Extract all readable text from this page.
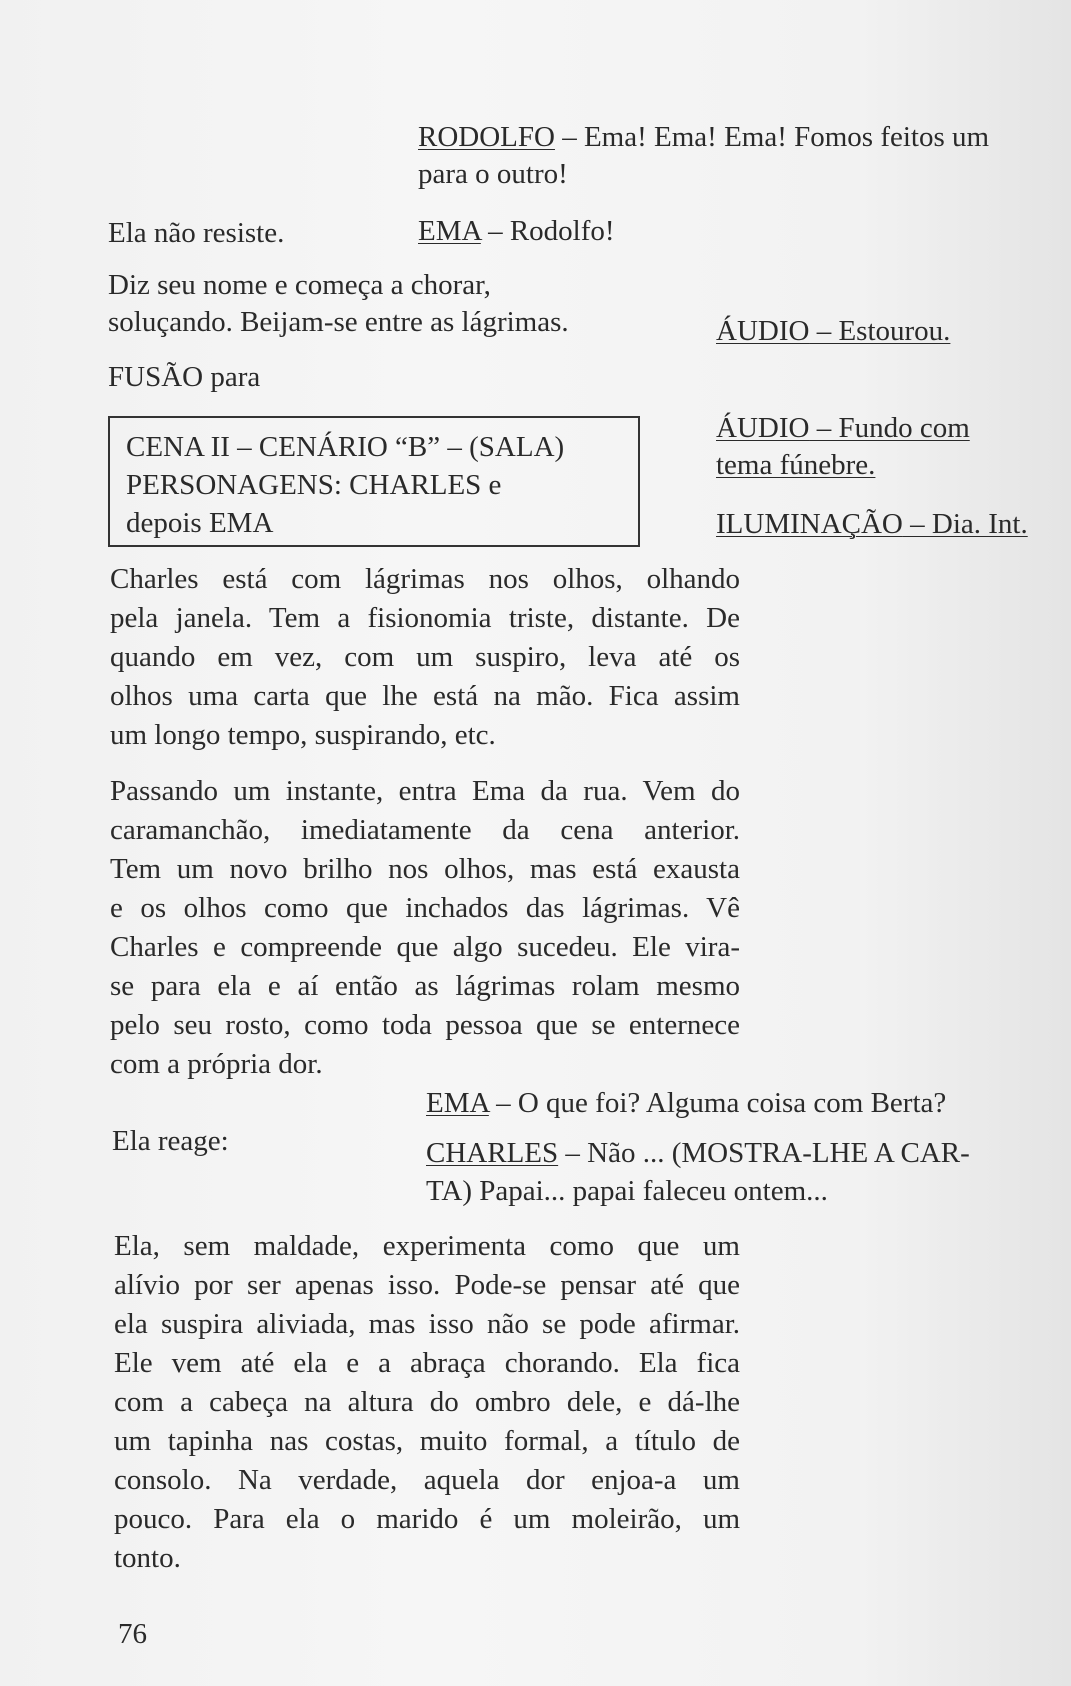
RODOLFO – Ema! Ema! Ema! Fomos feitos um
para o outro!
Ela não resiste.	EMA – Rodolfo!
Diz seu nome e começa a chorar,
soluçando. Beijam-se entre as lágrimas.	ÁUDIO – Estourou.
FUSÃO para
CENA II – CENÁRIO “B” – (SALA)
PERSONAGENS: CHARLES e
depois EMA
ÁUDIO – Fundo com
tema fúnebre.
ILUMINAÇÃO – Dia. Int.

Charles está com lágrimas nos olhos, olhando

pela janela. Tem a fisionomia triste, distante. De

quando em vez, com um suspiro, leva até os

olhos uma carta que lhe está na mão. Fica assim

um longo tempo, suspirando, etc.

Passando um instante, entra Ema da rua. Vem do

caramanchão, imediatamente da cena anterior.

Tem um novo brilho nos olhos, mas está exausta

e os olhos como que inchados das lágrimas. Vê

Charles e compreende que algo sucedeu. Ele vira-

se para ela e aí então as lágrimas rolam mesmo

pelo seu rosto, como toda pessoa que se enternece

com a própria dor.

EMA – O que foi? Alguma coisa com Berta?
Ela reage:	CHARLES – Não ... (MOSTRA-LHE A CAR-
TA) Papai... papai faleceu ontem...

Ela, sem maldade, experimenta como que um

alívio por ser apenas isso. Pode-se pensar até que

ela suspira aliviada, mas isso não se pode afirmar.

Ele vem até ela e a abraça chorando. Ela fica

com a cabeça na altura do ombro dele, e dá-lhe

um tapinha nas costas, muito formal, a título de

consolo. Na verdade, aquela dor enjoa-a um

pouco. Para ela o marido é um moleirão, um

tonto.

76
